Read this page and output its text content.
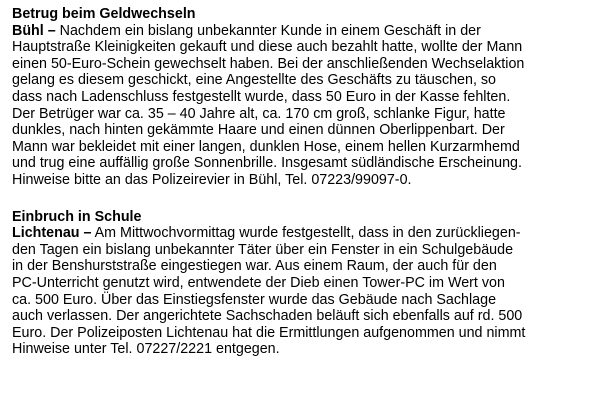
Betrug beim Geldwechseln

Bühl – Nachdem ein bislang unbekannter Kunde in einem Geschäft in der

Hauptstraße Kleinigkeiten gekauft und diese auch bezahlt hatte, wollte der Mann

einen 50-Euro-Schein gewechselt haben. Bei der anschließenden Wechselaktion

gelang es diesem geschickt, eine Angestellte des Geschäfts zu täuschen, so

dass nach Ladenschluss festgestellt wurde, dass 50 Euro in der Kasse fehlten.

Der Betrüger war ca. 35 – 40 Jahre alt, ca. 170 cm groß, schlanke Figur, hatte

dunkles, nach hinten gekämmte Haare und einen dünnen Oberlippenbart. Der

Mann war bekleidet mit einer langen, dunklen Hose, einem hellen Kurzarmhemd

und trug eine auffällig große Sonnenbrille. Insgesamt südländische Erscheinung.

Hinweise bitte an das Polizeirevier in Bühl, Tel. 07223/99097-0.

Einbruch in Schule

Lichtenau – Am Mittwochvormittag wurde festgestellt, dass in den zurückliegen-

den Tagen ein bislang unbekannter Täter über ein Fenster in ein Schulgebäude

in der Benshurststraße eingestiegen war. Aus einem Raum, der auch für den

PC-Unterricht genutzt wird, entwendete der Dieb einen Tower-PC im Wert von

ca. 500 Euro. Über das Einstiegsfenster wurde das Gebäude nach Sachlage

auch verlassen. Der angerichtete Sachschaden beläuft sich ebenfalls auf rd. 500

Euro. Der Polizeiposten Lichtenau hat die Ermittlungen aufgenommen und nimmt

Hinweise unter Tel. 07227/2221 entgegen.
